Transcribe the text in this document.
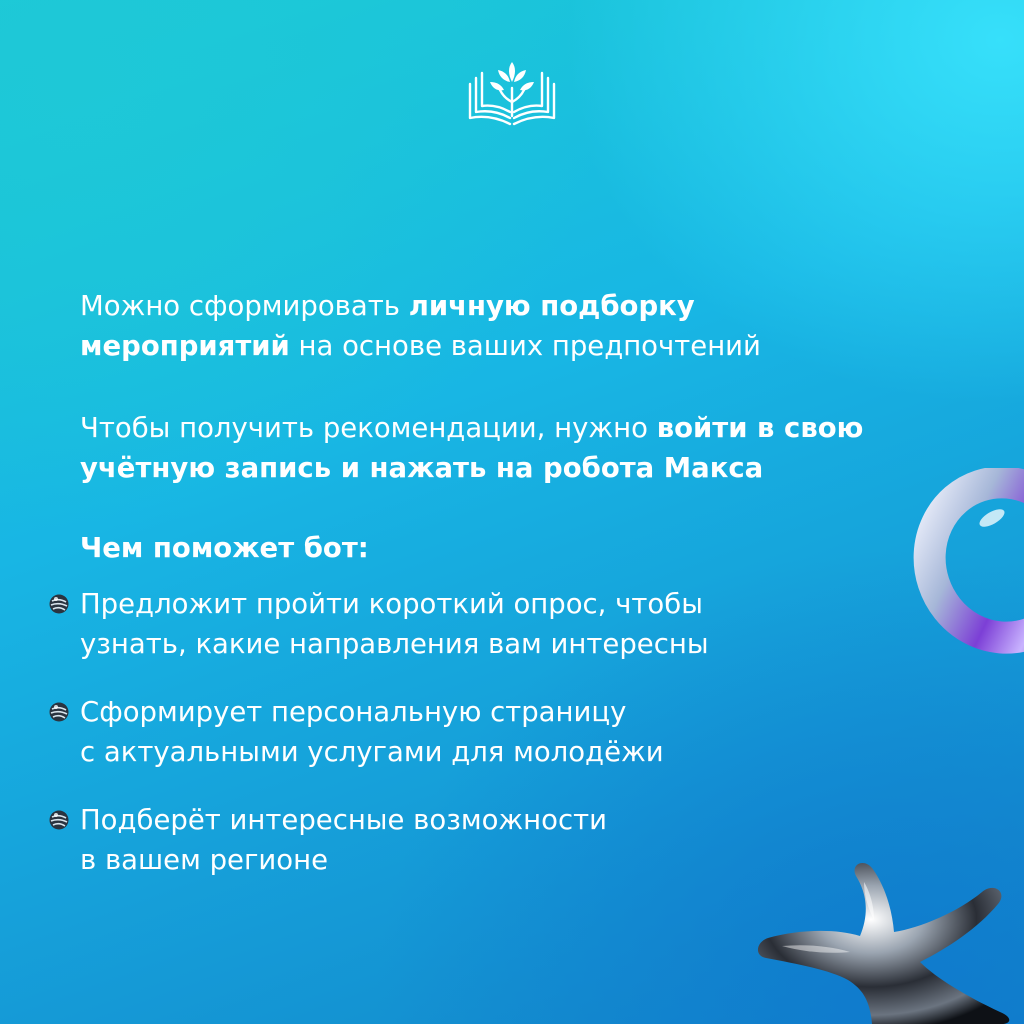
Можно сформировать личную подборку
мероприятий на основе ваших предпочтений

Чтобы получить рекомендации, нужно войти в свою
учётную запись и нажать на робота Макса

Чем поможет бот:
Предложит пройти короткий опрос, чтобы
узнать, какие направления вам интересны
Сформирует персональную страницу
с актуальными услугами для молодёжи
Подберёт интересные возможности
в вашем регионе
